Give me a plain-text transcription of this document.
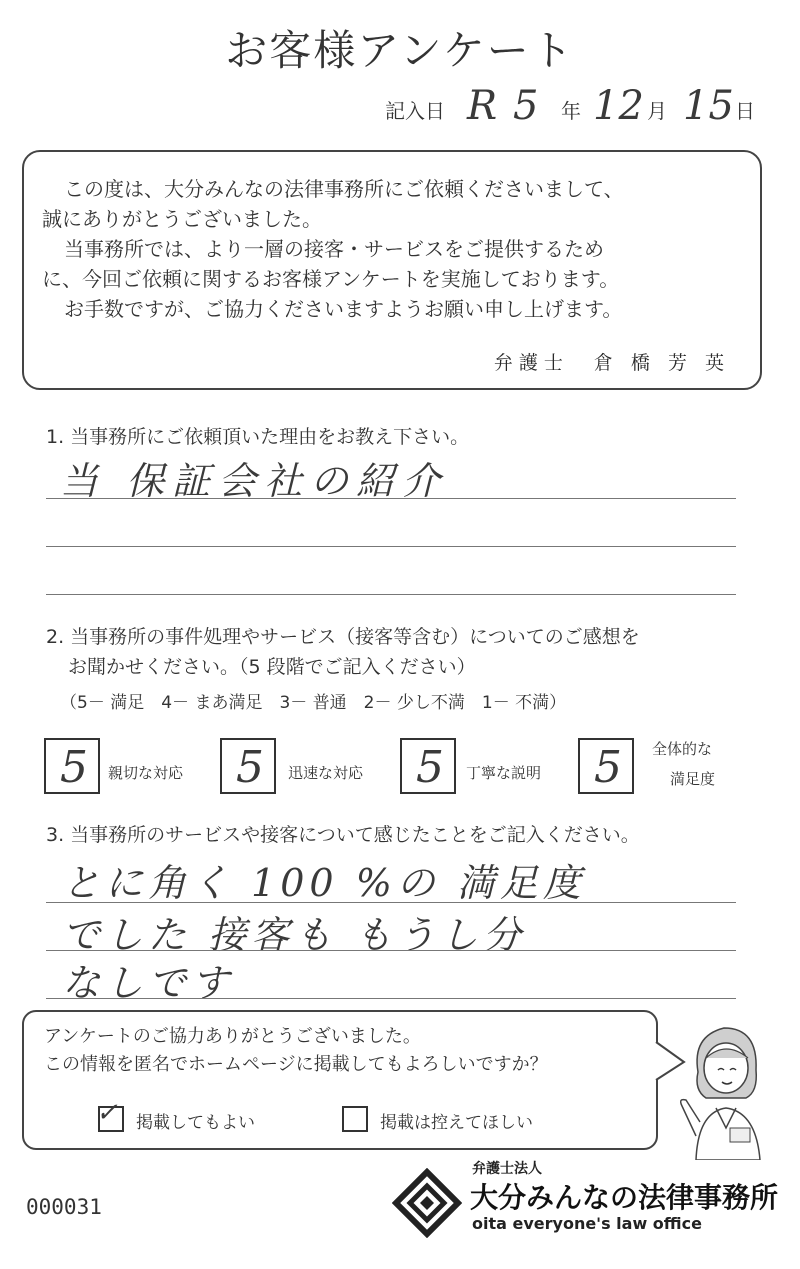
お客様アンケート
記入日 R 5 年 12 月 15 日

この度は、大分みんなの法律事務所にご依頼くださいまして、

誠にありがとうございました。

当事務所では、より一層の接客・サービスをご提供するため

に、今回ご依頼に関するお客様アンケートを実施しております。

お手数ですが、ご協力くださいますようお願い申し上げます。

弁護士　倉 橋 芳 英
1. 当事務所にご依頼頂いた理由をお教え下さい。
当 保証会社の紹介
2. 当事務所の事件処理やサービス（接客等含む）についてのご感想を
お聞かせください。（5 段階でご記入ください）
（5－ 満足　4－ まあ満足　3－ 普通　2－ 少し不満　1－ 不満）
5	親切な対応	5	迅速な対応	5	丁寧な説明	5	全体的な
満足度
3. 当事務所のサービスや接客について感じたことをご記入ください。
とに角く 100 %の 満足度
でした 接客も もうし分
なしです
アンケートのご協力ありがとうございました。
この情報を匿名でホームページに掲載してもよろしいですか？
✓ 掲載してもよい	掲載は控えてほしい
000031
弁護士法人
大分みんなの法律事務所
oita everyone's law office
